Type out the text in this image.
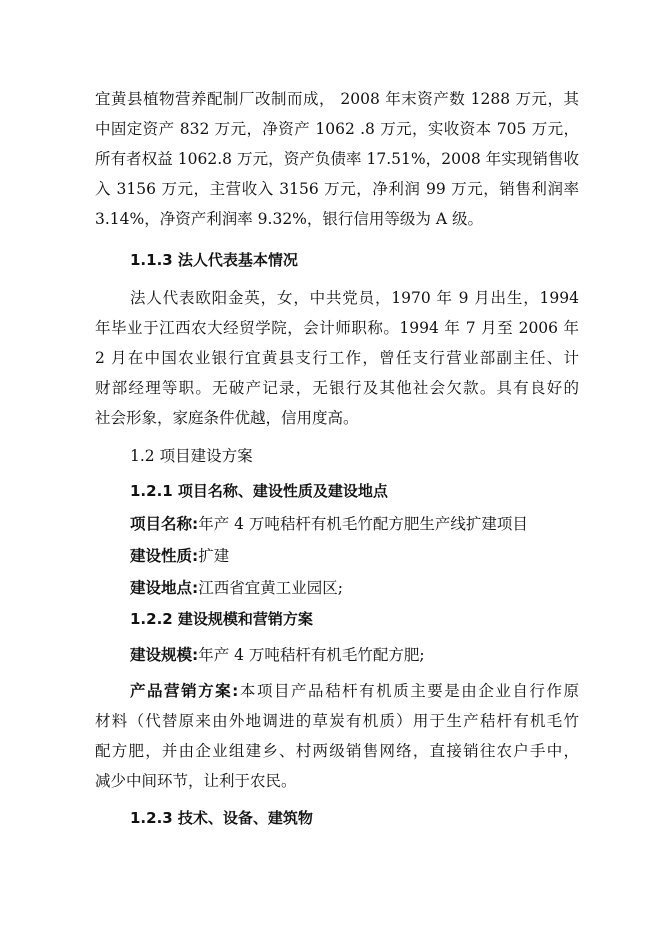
宜黄县植物营养配制厂改制而成， 2008 年末资产数 1288 万元，其

中固定资产 832 万元，净资产 1062 .8 万元，实收资本 705 万元，

所有者权益 1062.8 万元，资产负债率 17.51%，2008 年实现销售收

入 3156 万元，主营收入 3156 万元，净利润 99 万元，销售利润率

3.14%，净资产利润率 9.32%，银行信用等级为 A 级。

1.1.3 法人代表基本情况

法人代表欧阳金英，女，中共党员，1970 年 9 月出生，1994

年毕业于江西农大经贸学院，会计师职称。1994 年 7 月至 2006 年

2 月在中国农业银行宜黄县支行工作，曾任支行营业部副主任、计

财部经理等职。无破产记录，无银行及其他社会欠款。具有良好的

社会形象，家庭条件优越，信用度高。

1.2 项目建设方案

1.2.1 项目名称、建设性质及建设地点

项目名称:年产 4 万吨秸杆有机毛竹配方肥生产线扩建项目

建设性质:扩建

建设地点:江西省宜黄工业园区;

1.2.2 建设规模和营销方案

建设规模:年产 4 万吨秸杆有机毛竹配方肥;

产品营销方案:本项目产品秸杆有机质主要是由企业自行作原

材料（代替原来由外地调进的草炭有机质）用于生产秸杆有机毛竹

配方肥，并由企业组建乡、村两级销售网络，直接销往农户手中，

减少中间环节，让利于农民。

1.2.3 技术、设备、建筑物
